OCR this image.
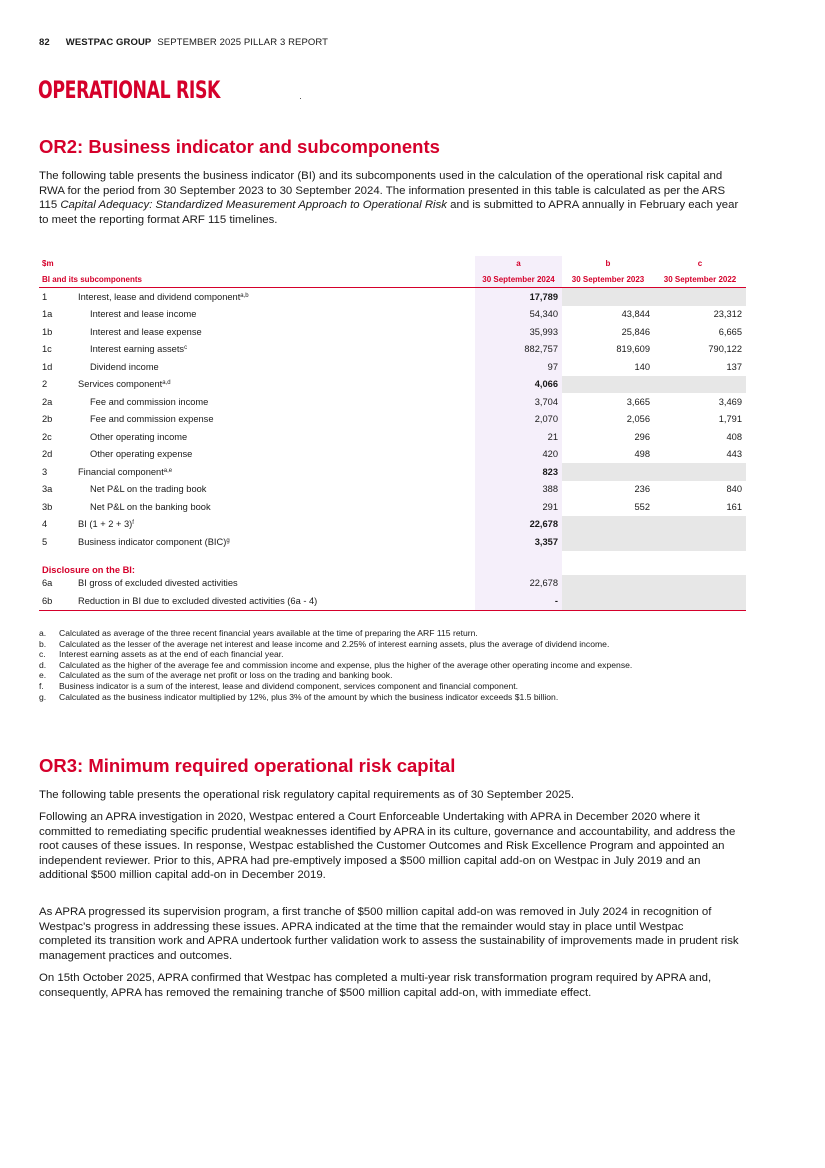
82 WESTPAC GROUP SEPTEMBER 2025 PILLAR 3 REPORT
OPERATIONAL RISK
OR2: Business indicator and subcomponents

The following table presents the business indicator (BI) and its subcomponents used in the calculation of the operational risk capital and RWA for the period from 30 September 2023 to 30 September 2024. The information presented in this table is calculated as per the ARS 115 Capital Adequacy: Standardized Measurement Approach to Operational Risk and is submitted to APRA annually in February each year to meet the reporting format ARF 115 timelines.

$m		a	b	c
BI and its subcomponents		30 September 2024	30 September 2023	30 September 2022
1	Interest, lease and dividend component$^{a,b}$	17,789		
1a	Interest and lease income	54,340	43,844	23,312
1b	Interest and lease expense	35,993	25,846	6,665
1c	Interest earning assets$^c$	882,757	819,609	790,122
1d	Dividend income	97	140	137
2	Services component$^{a,d}$	4,066		
2a	Fee and commission income	3,704	3,665	3,469
2b	Fee and commission expense	2,070	2,056	1,791
2c	Other operating income	21	296	408
2d	Other operating expense	420	498	443
3	Financial component$^{a,e}$	823		
3a	Net P&L on the trading book	388	236	840
3b	Net P&L on the banking book	291	552	161
4	BI $(1 + 2 + 3)^f$	22,678		
5	Business indicator component (BIC)$^g$	3,357		

Disclosure on the BI:				
6a	BI gross of excluded divested activities	22,678		
6b	Reduction in BI due to excluded divested activities (6a - 4)	-		
a. Calculated as average of the three recent financial years available at the time of preparing the ARF 115 return.
b. Calculated as the lesser of the average net interest and lease income and 2.25% of interest earning assets, plus the average of dividend income.
c. Interest earning assets as at the end of each financial year.
d. Calculated as the higher of the average fee and commission income and expense, plus the higher of the average other operating income and expense.
e. Calculated as the sum of the average net profit or loss on the trading and banking book.
f. Business indicator is a sum of the interest, lease and dividend component, services component and financial component.
g. Calculated as the business indicator multiplied by 12%, plus 3% of the amount by which the business indicator exceeds $1.5 billion.
OR3: Minimum required operational risk capital

The following table presents the operational risk regulatory capital requirements as of 30 September 2025.

Following an APRA investigation in 2020, Westpac entered a Court Enforceable Undertaking with APRA in December 2020 where it committed to remediating specific prudential weaknesses identified by APRA in its culture, governance and accountability, and address the root causes of these issues. In response, Westpac established the Customer Outcomes and Risk Excellence Program and appointed an independent reviewer. Prior to this, APRA had pre-emptively imposed a $500 million capital add-on on Westpac in July 2019 and an additional $500 million capital add-on in December 2019.

As APRA progressed its supervision program, a first tranche of $500 million capital add-on was removed in July 2024 in recognition of Westpac's progress in addressing these issues. APRA indicated at the time that the remainder would stay in place until Westpac completed its transition work and APRA undertook further validation work to assess the sustainability of improvements made in prudent risk management practices and outcomes.

On 15th October 2025, APRA confirmed that Westpac has completed a multi-year risk transformation program required by APRA and, consequently, APRA has removed the remaining tranche of $500 million capital add-on, with immediate effect.
